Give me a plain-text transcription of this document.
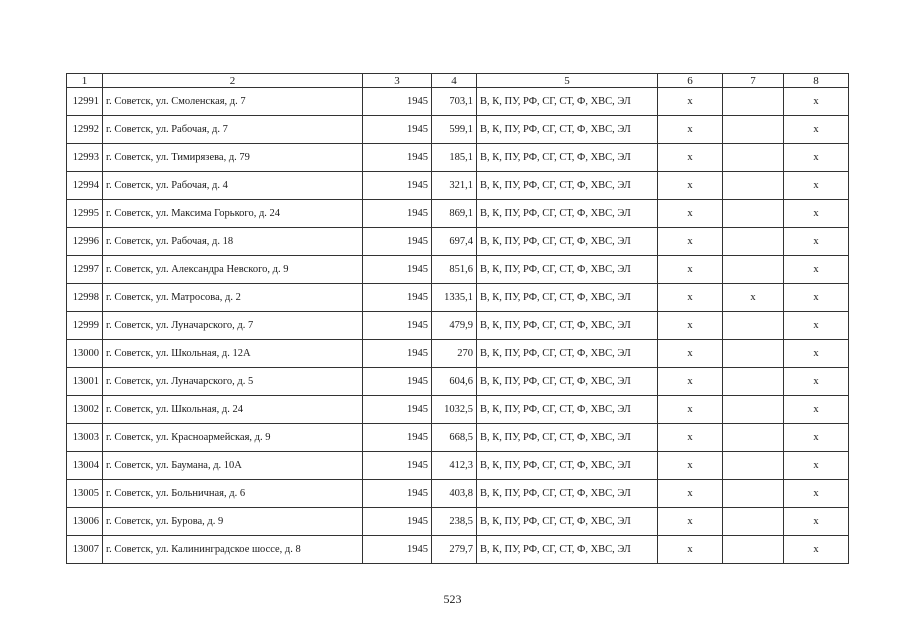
1	2	3	4	5	6	7	8
12991	г. Советск, ул. Смоленская, д. 7	1945	703,1	В, К, ПУ, РФ, СГ, СТ, Ф, ХВС, ЭЛ	х		х
12992	г. Советск, ул. Рабочая, д. 7	1945	599,1	В, К, ПУ, РФ, СГ, СТ, Ф, ХВС, ЭЛ	х		х
12993	г. Советск, ул. Тимирязева, д. 79	1945	185,1	В, К, ПУ, РФ, СГ, СТ, Ф, ХВС, ЭЛ	х		х
12994	г. Советск, ул. Рабочая, д. 4	1945	321,1	В, К, ПУ, РФ, СГ, СТ, Ф, ХВС, ЭЛ	х		х
12995	г. Советск, ул. Максима Горького, д. 24	1945	869,1	В, К, ПУ, РФ, СГ, СТ, Ф, ХВС, ЭЛ	х		х
12996	г. Советск, ул. Рабочая, д. 18	1945	697,4	В, К, ПУ, РФ, СГ, СТ, Ф, ХВС, ЭЛ	х		х
12997	г. Советск, ул. Александра Невского, д. 9	1945	851,6	В, К, ПУ, РФ, СГ, СТ, Ф, ХВС, ЭЛ	х		х
12998	г. Советск, ул. Матросова, д. 2	1945	1335,1	В, К, ПУ, РФ, СГ, СТ, Ф, ХВС, ЭЛ	х	х	х
12999	г. Советск, ул. Луначарского, д. 7	1945	479,9	В, К, ПУ, РФ, СГ, СТ, Ф, ХВС, ЭЛ	х		х
13000	г. Советск, ул. Школьная, д. 12А	1945	270	В, К, ПУ, РФ, СГ, СТ, Ф, ХВС, ЭЛ	х		х
13001	г. Советск, ул. Луначарского, д. 5	1945	604,6	В, К, ПУ, РФ, СГ, СТ, Ф, ХВС, ЭЛ	х		х
13002	г. Советск, ул. Школьная, д. 24	1945	1032,5	В, К, ПУ, РФ, СГ, СТ, Ф, ХВС, ЭЛ	х		х
13003	г. Советск, ул. Красноармейская, д. 9	1945	668,5	В, К, ПУ, РФ, СГ, СТ, Ф, ХВС, ЭЛ	х		х
13004	г. Советск, ул. Баумана, д. 10А	1945	412,3	В, К, ПУ, РФ, СГ, СТ, Ф, ХВС, ЭЛ	х		х
13005	г. Советск, ул. Больничная, д. 6	1945	403,8	В, К, ПУ, РФ, СГ, СТ, Ф, ХВС, ЭЛ	х		х
13006	г. Советск, ул. Бурова, д. 9	1945	238,5	В, К, ПУ, РФ, СГ, СТ, Ф, ХВС, ЭЛ	х		х
13007	г. Советск, ул. Калининградское шоссе, д. 8	1945	279,7	В, К, ПУ, РФ, СГ, СТ, Ф, ХВС, ЭЛ	х		х
523
